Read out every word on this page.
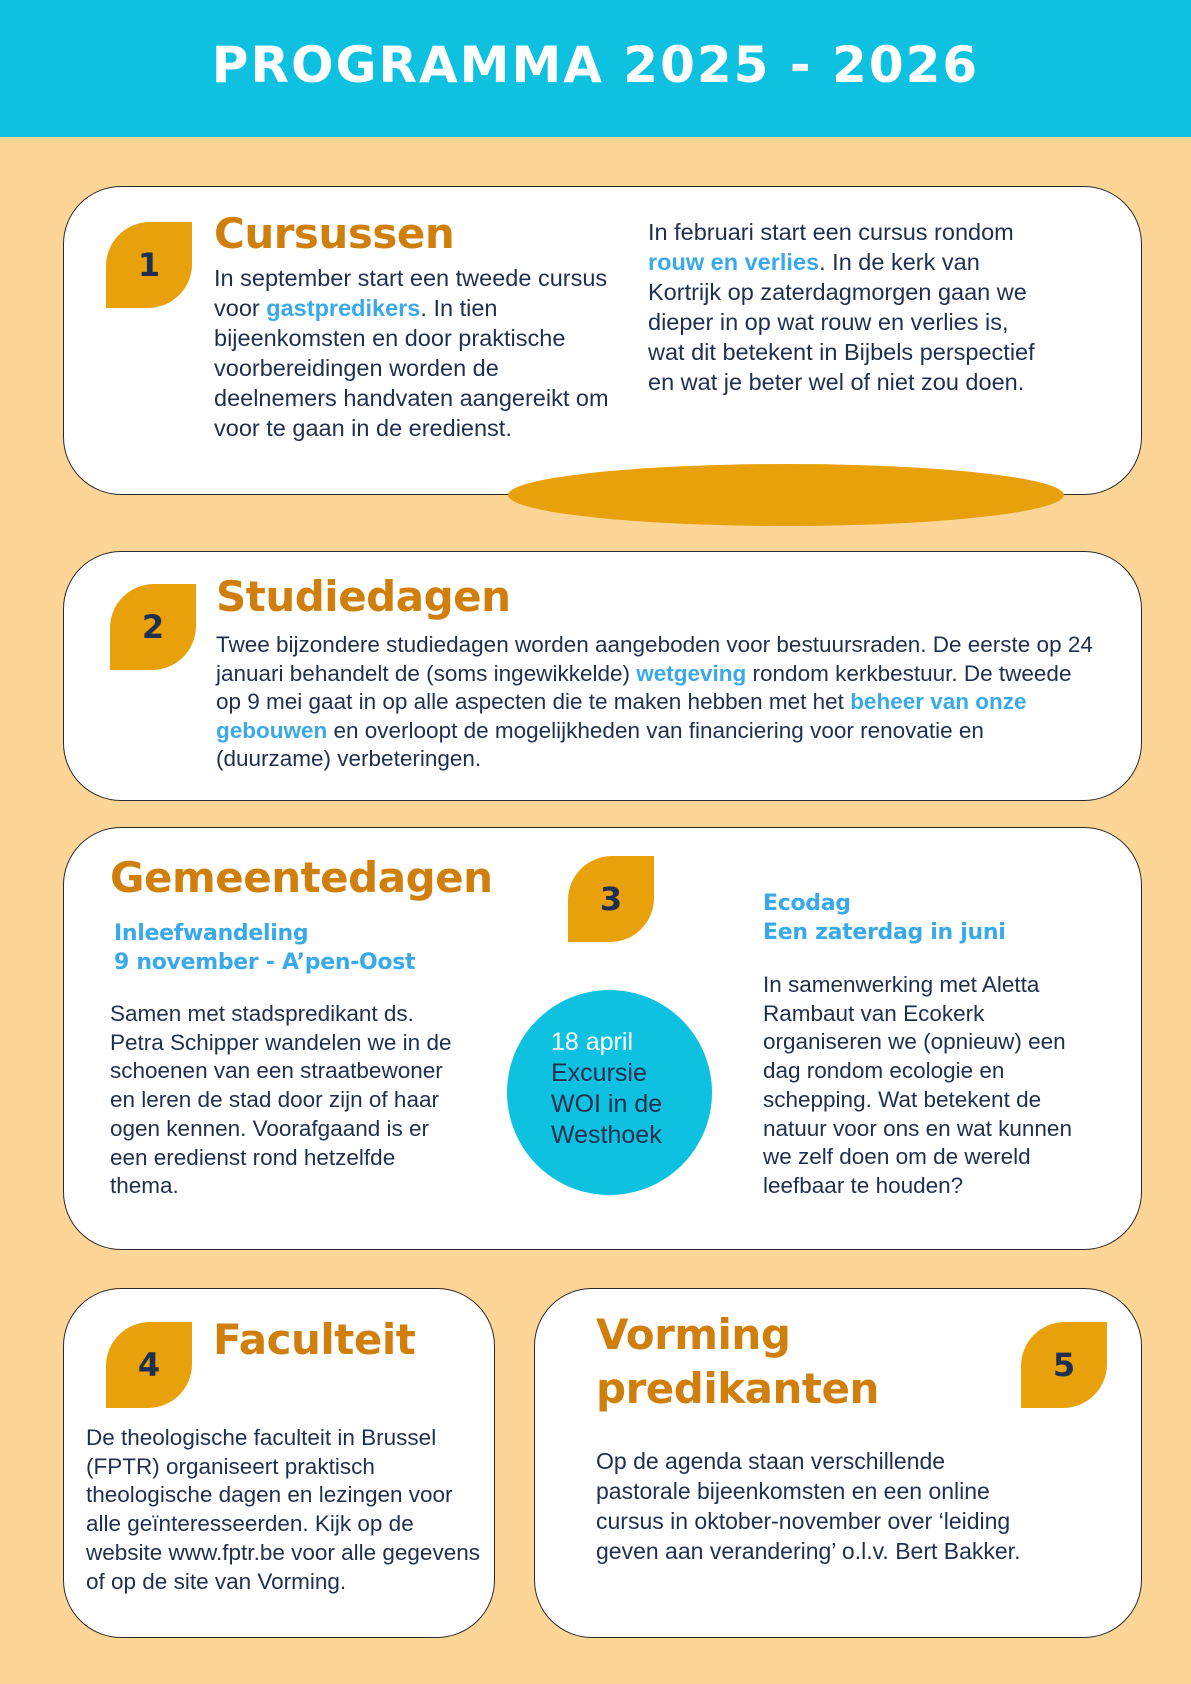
PROGRAMMA 2025 - 2026
1
Cursussen

In september start een tweede cursus voor gastpredikers. In tien bijeenkomsten en door praktische voorbereidingen worden de deelnemers handvaten aangereikt om voor te gaan in de eredienst.

In februari start een cursus rondom rouw en verlies. In de kerk van Kortrijk op zaterdagmorgen gaan we dieper in op wat rouw en verlies is, wat dit betekent in Bijbels perspectief en wat je beter wel of niet zou doen.

2
Studiedagen

Twee bijzondere studiedagen worden aangeboden voor bestuursraden. De eerste op 24 januari behandelt de (soms ingewikkelde) wetgeving rondom kerkbestuur. De tweede op 9 mei gaat in op alle aspecten die te maken hebben met het beheer van onze gebouwen en overloopt de mogelijkheden van financiering voor renovatie en (duurzame) verbeteringen.

Gemeentedagen	3

Inleefwandeling
9 november - A’pen-Oost

Samen met stadspredikant ds. Petra Schipper wandelen we in de schoenen van een straatbewoner en leren de stad door zijn of haar ogen kennen. Voorafgaand is er een eredienst rond hetzelfde thema.

18 april
Excursie WOI in de Westhoek

Ecodag
Een zaterdag in juni

In samenwerking met Aletta Rambaut van Ecokerk organiseren we (opnieuw) een dag rondom ecologie en schepping. Wat betekent de natuur voor ons en wat kunnen we zelf doen om de wereld leefbaar te houden?

4
Faculteit

De theologische faculteit in Brussel (FPTR) organiseert praktisch theologische dagen en lezingen voor alle geïnteresseerden. Kijk op de website www.fptr.be voor alle gegevens of op de site van Vorming.

Vorming
predikanten	5

Op de agenda staan verschillende pastorale bijeenkomsten en een online cursus in oktober-november over ‘leiding geven aan verandering’ o.l.v. Bert Bakker.
